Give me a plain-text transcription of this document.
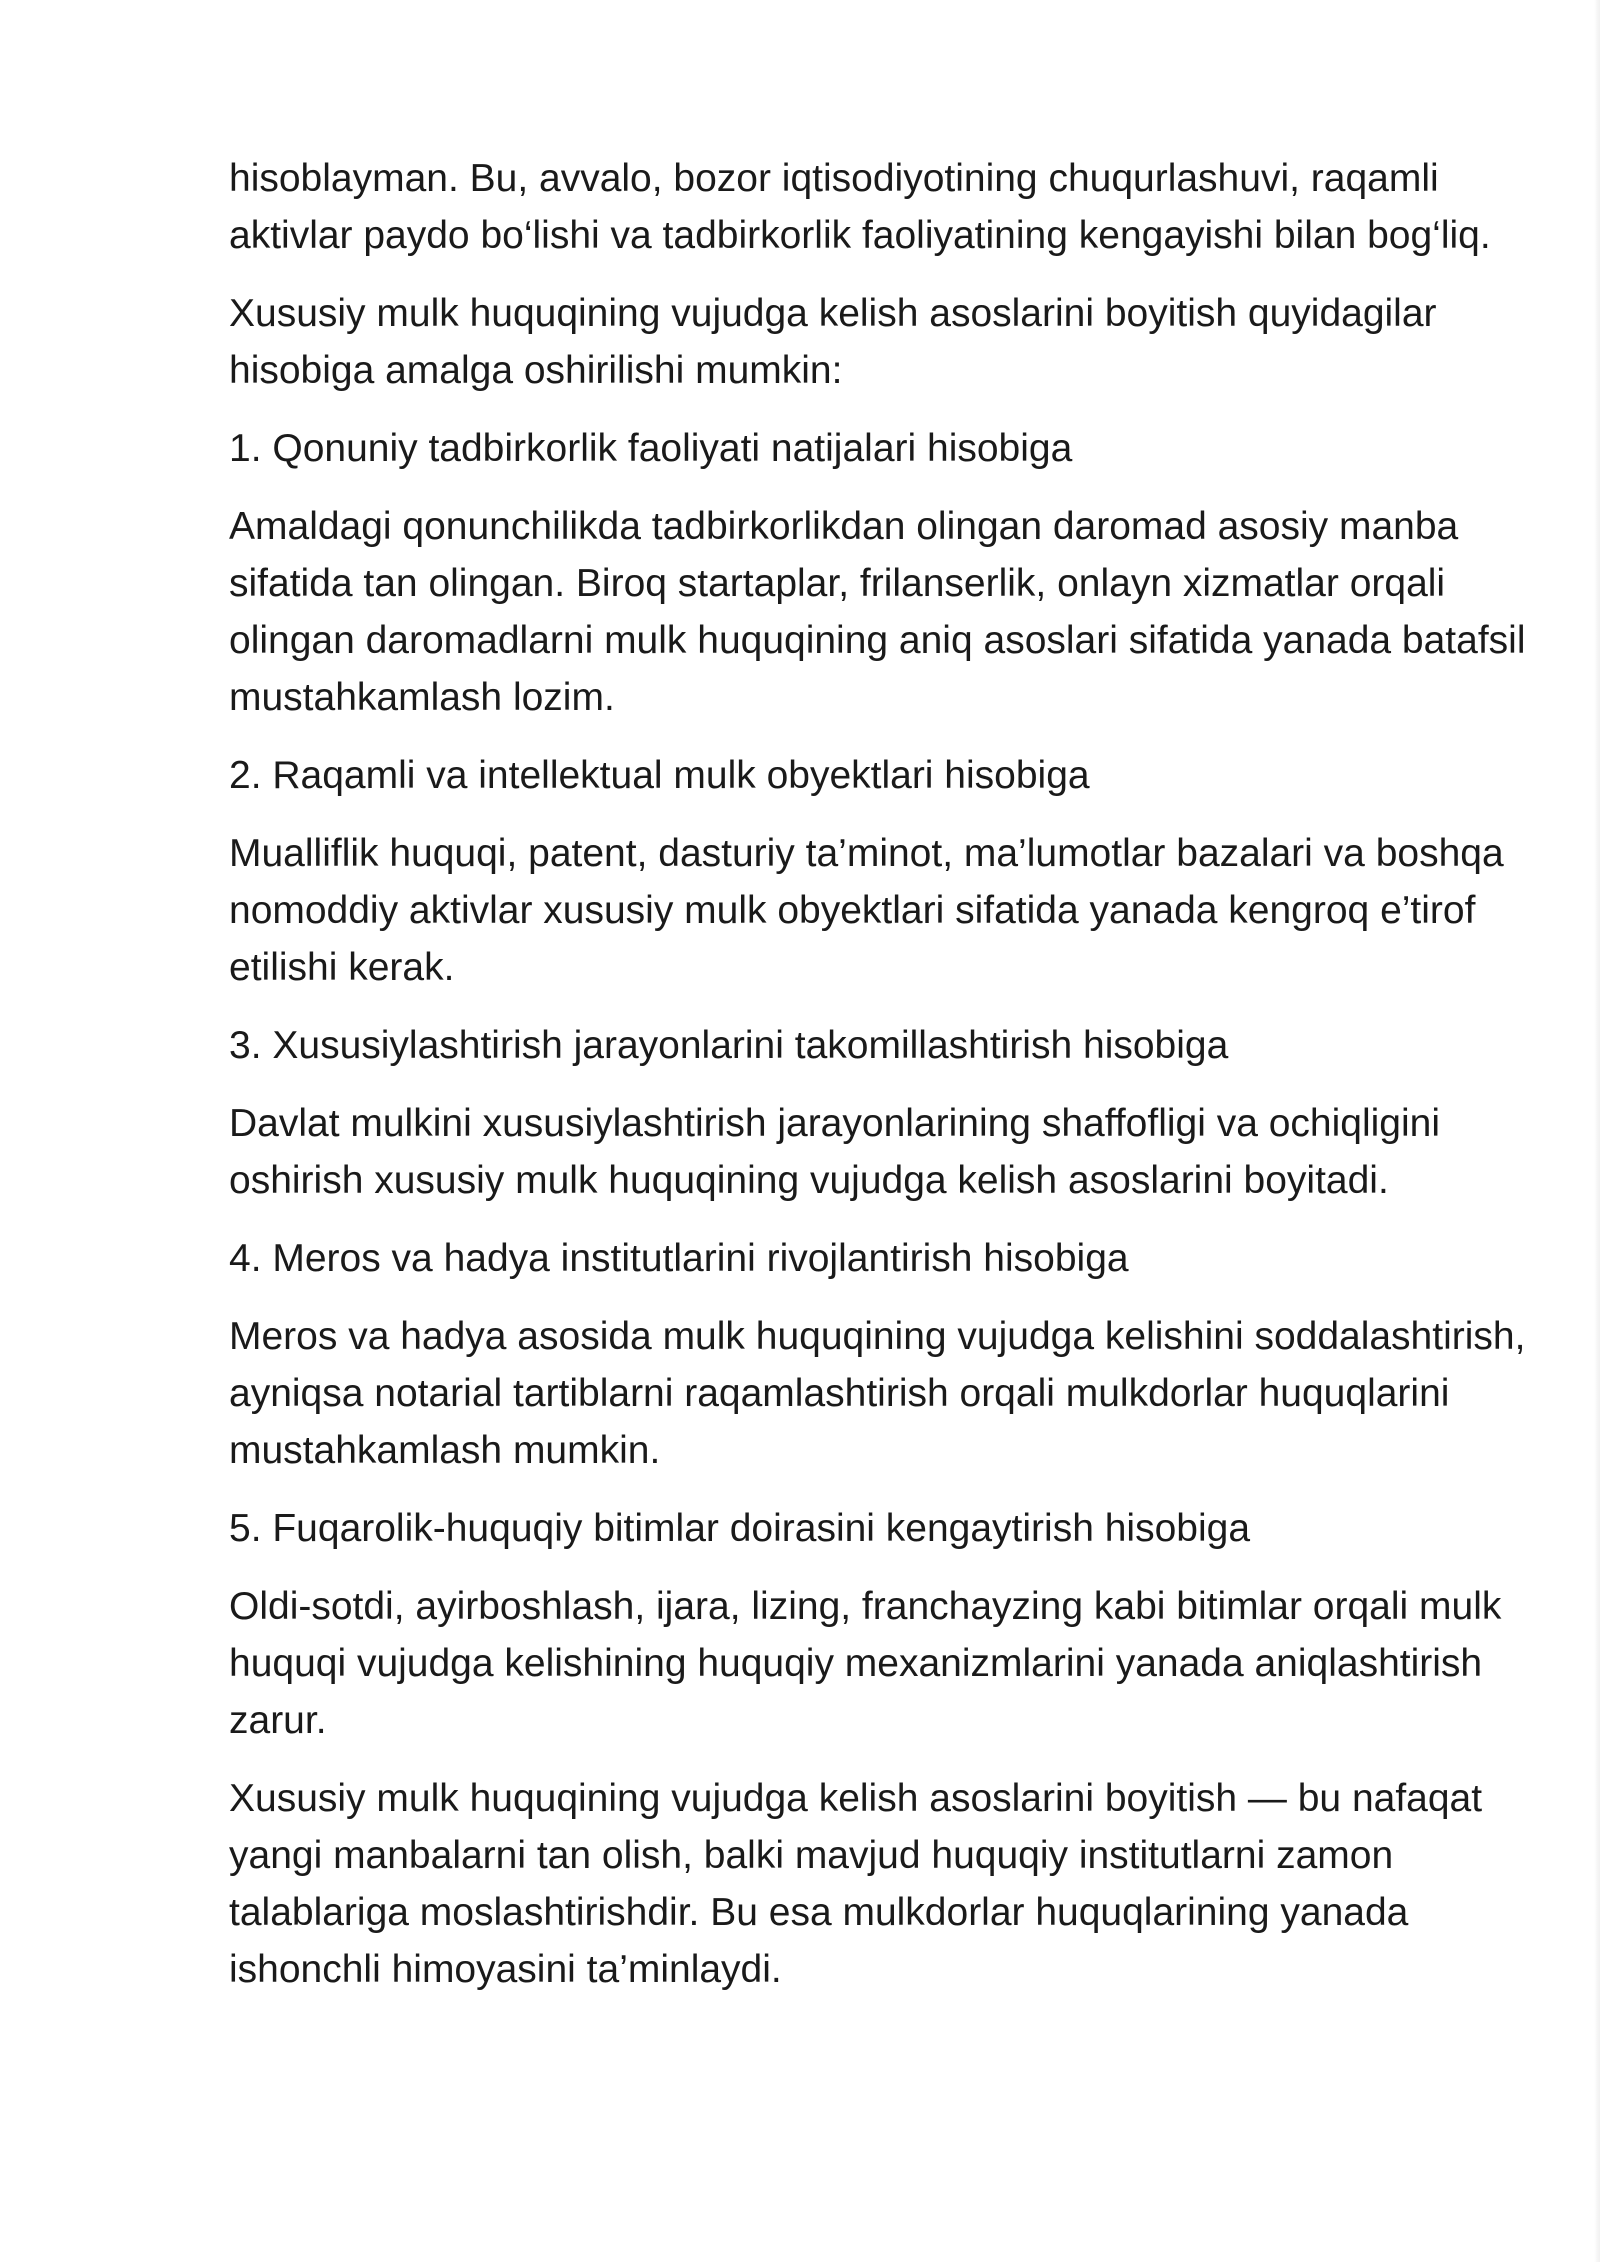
hisoblayman. Bu, avvalo, bozor iqtisodiyotining chuqurlashuvi, raqamli aktivlar paydo bo‘lishi va tadbirkorlik faoliyatining kengayishi bilan bog‘liq.

Xususiy mulk huquqining vujudga kelish asoslarini boyitish quyidagilar hisobiga amalga oshirilishi mumkin:

1. Qonuniy tadbirkorlik faoliyati natijalari hisobiga

Amaldagi qonunchilikda tadbirkorlikdan olingan daromad asosiy manba sifatida tan olingan. Biroq startaplar, frilanserlik, onlayn xizmatlar orqali olingan daromadlarni mulk huquqining aniq asoslari sifatida yanada batafsil mustahkamlash lozim.

2. Raqamli va intellektual mulk obyektlari hisobiga

Mualliflik huquqi, patent, dasturiy ta’minot, ma’lumotlar bazalari va boshqa nomoddiy aktivlar xususiy mulk obyektlari sifatida yanada kengroq e’tirof etilishi kerak.

3. Xususiylashtirish jarayonlarini takomillashtirish hisobiga

Davlat mulkini xususiylashtirish jarayonlarining shaffofligi va ochiqligini oshirish xususiy mulk huquqining vujudga kelish asoslarini boyitadi.

4. Meros va hadya institutlarini rivojlantirish hisobiga

Meros va hadya asosida mulk huquqining vujudga kelishini soddalashtirish, ayniqsa notarial tartiblarni raqamlashtirish orqali mulkdorlar huquqlarini mustahkamlash mumkin.

5. Fuqarolik-huquqiy bitimlar doirasini kengaytirish hisobiga

Oldi-sotdi, ayirboshlash, ijara, lizing, franchayzing kabi bitimlar orqali mulk huquqi vujudga kelishining huquqiy mexanizmlarini yanada aniqlashtirish zarur.

Xususiy mulk huquqining vujudga kelish asoslarini boyitish — bu nafaqat yangi manbalarni tan olish, balki mavjud huquqiy institutlarni zamon talablariga moslashtirishdir. Bu esa mulkdorlar huquqlarining yanada ishonchli himoyasini ta’minlaydi.
